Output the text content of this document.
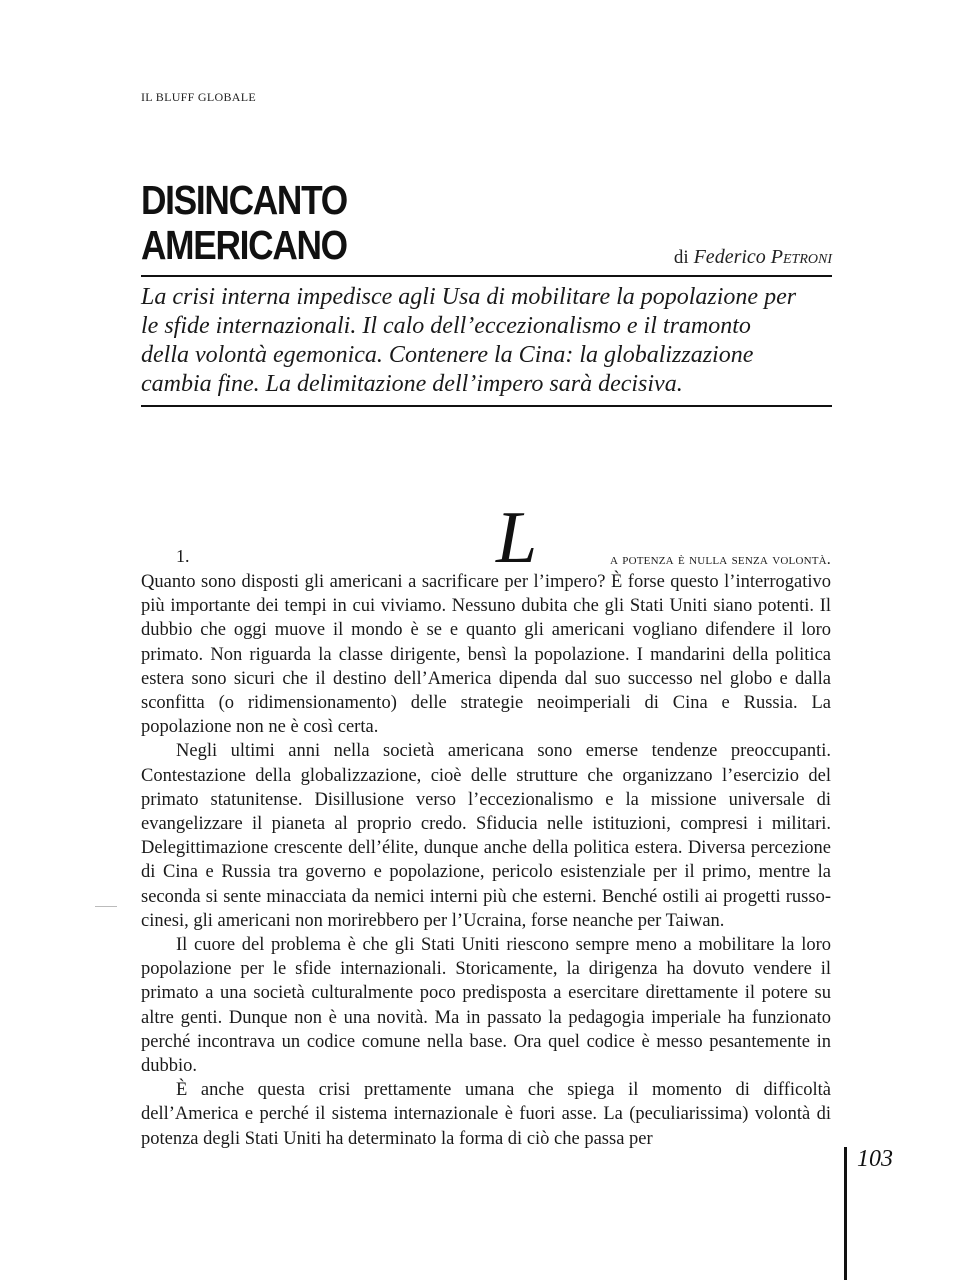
IL BLUFF GLOBALE
DISINCANTO
AMERICANO	di Federico Petroni
La crisi interna impedisce agli Usa di mobilitare la popolazione per
le sfide internazionali. Il calo dell’eccezionalismo e il tramonto
della volontà egemonica. Contenere la Cina: la globalizzazione
cambia fine. La delimitazione dell’impero sarà decisiva.
1.	L	a potenza è nulla senza volontà.

Quanto sono disposti gli americani a sacrificare per l’impero? È forse questo l’interrogativo più importante dei tempi in cui viviamo. Nessuno dubita che gli Stati Uniti siano potenti. Il dubbio che oggi muove il mondo è se e quanto gli americani vogliano difendere il loro primato. Non riguarda la classe dirigente, bensì la popolazione. I mandarini della politica estera sono sicuri che il destino dell’America dipenda dal suo successo nel globo e dalla sconfitta (o ridimensionamento) delle strategie neoimperiali di Cina e Russia. La popolazione non ne è così certa.

Negli ultimi anni nella società americana sono emerse tendenze preoccupanti. Contestazione della globalizzazione, cioè delle strutture che organizzano l’esercizio del primato statunitense. Disillusione verso l’eccezionalismo e la missione universale di evangelizzare il pianeta al proprio credo. Sfiducia nelle istituzioni, compresi i militari. Delegittimazione crescente dell’élite, dunque anche della politica estera. Diversa percezione di Cina e Russia tra governo e popolazione, pericolo esistenziale per il primo, mentre la seconda si sente minacciata da nemici interni più che esterni. Benché ostili ai progetti russo-cinesi, gli americani non morirebbero per l’Ucraina, forse neanche per Taiwan.

Il cuore del problema è che gli Stati Uniti riescono sempre meno a mobilitare la loro popolazione per le sfide internazionali. Storicamente, la dirigenza ha dovuto vendere il primato a una società culturalmente poco predisposta a esercitare direttamente il potere su altre genti. Dunque non è una novità. Ma in passato la pedagogia imperiale ha funzionato perché incontrava un codice comune nella base. Ora quel codice è messo pesantemente in dubbio.

È anche questa crisi prettamente umana che spiega il momento di difficoltà dell’America e perché il sistema internazionale è fuori asse. La (peculiarissima) volontà di potenza degli Stati Uniti ha determinato la forma di ciò che passa per

103
